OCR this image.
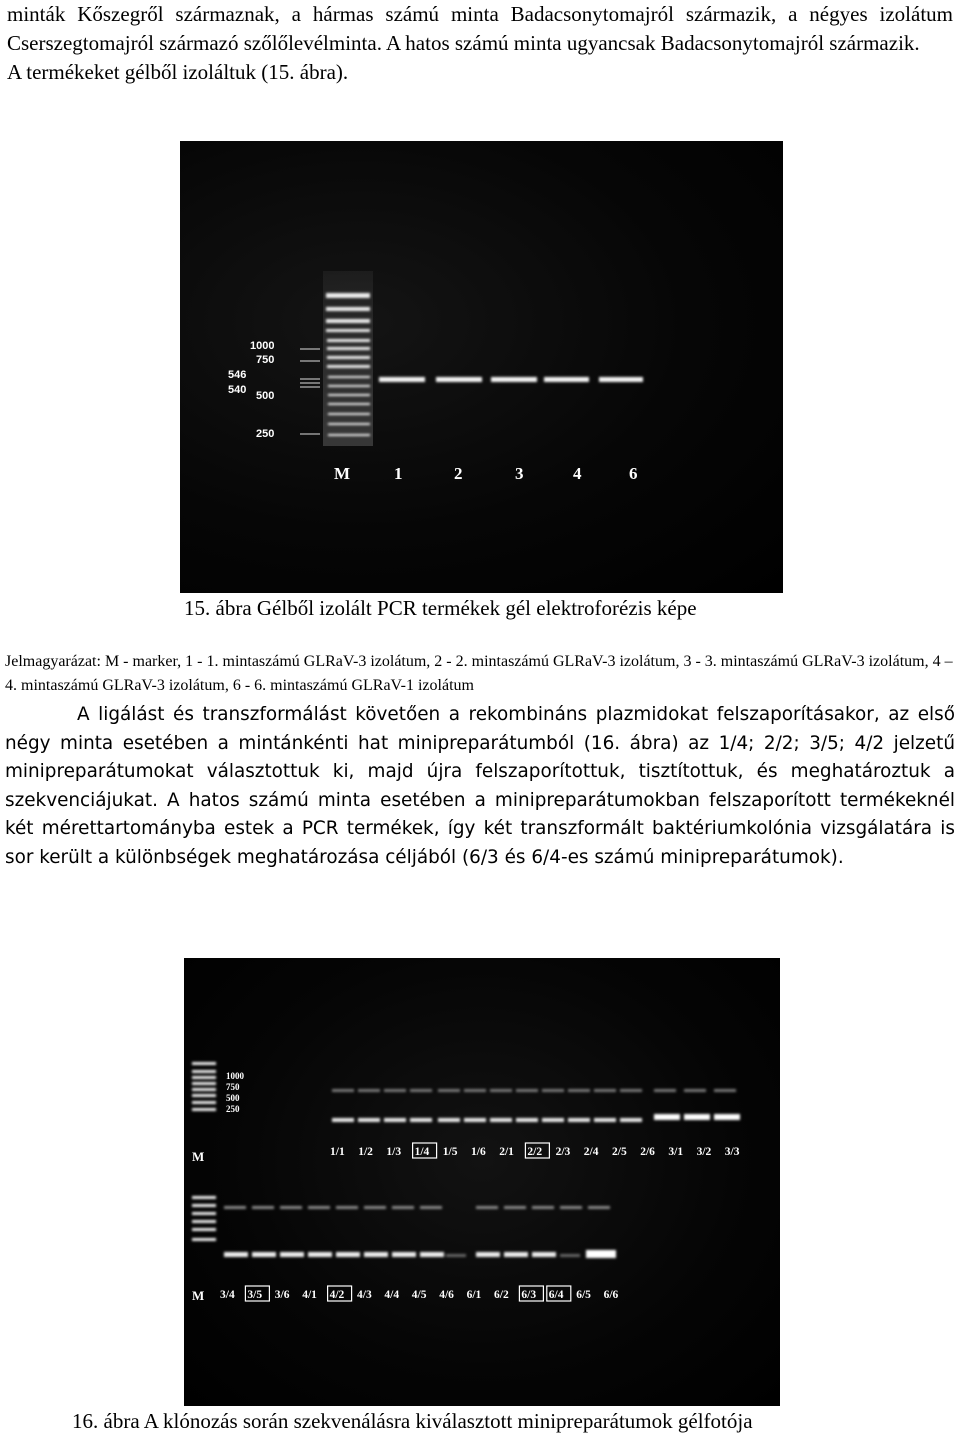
minták Kőszegről származnak, a hármas számú minta Badacsonytomajról származik, a négyes izolátum Cserszegtomajról származó szőlőlevélminta. A hatos számú minta ugyancsak Badacsonytomajról származik.

A termékeket gélből izoláltuk (15. ábra).

1000
750
546
540 500
250
M	1	2	3	4	6
15. ábra Gélből izolált PCR termékek gél elektroforézis képe

Jelmagyarázat: M - marker, 1 - 1. mintaszámú GLRaV-3 izolátum, 2 - 2. mintaszámú GLRaV-3 izolátum, 3 - 3. mintaszámú GLRaV-3 izolátum, 4 – 4. mintaszámú GLRaV-3 izolátum, 6 - 6. mintaszámú GLRaV-1 izolátum

A ligálást és transzformálást követően a rekombináns plazmidokat felszaporításakor, az első négy minta esetében a mintánkénti hat minipreparátumból (16. ábra) az 1/4; 2/2; 3/5; 4/2 jelzetű minipreparátumokat választottuk ki, majd újra felszaporítottuk, tisztítottuk, és meghatároztuk a szekvenciájukat. A hatos számú minta esetében a minipreparátumokban felszaporított termékeknél két mérettartományba estek a PCR termékek, így két transzformált baktériumkolónia vizsgálatára is sor került a különbségek meghatározása céljából (6/3 és 6/4-es számú minipreparátumok).

1000
750
500
250
M	1/1 1/2 1/3 1/4 1/5 1/6 2/1 2/2 2/3 2/4 2/5 2/6 3/1 3/2 3/3
M 3/4 3/5 3/6 4/1 4/2 4/3 4/4 4/5 4/6 6/1 6/2 6/3 6/4 6/5 6/6
16. ábra A klónozás során szekvenálásra kiválasztott minipreparátumok gélfotója
